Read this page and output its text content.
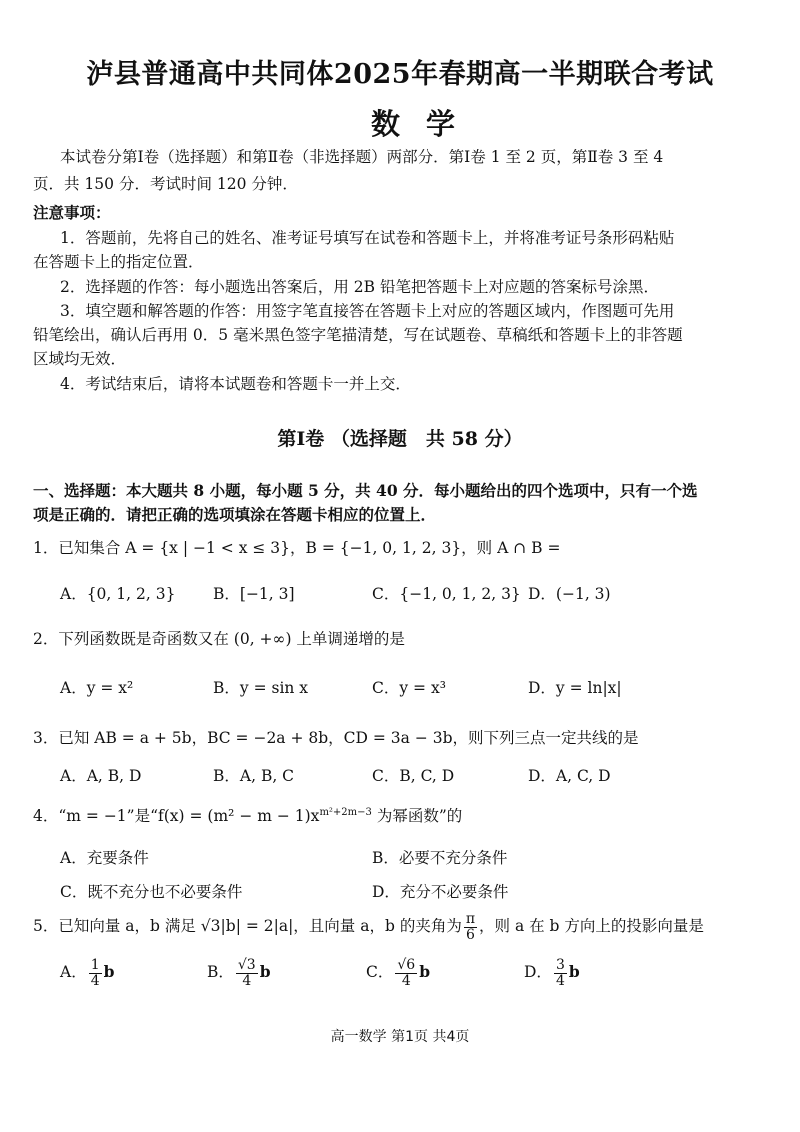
泸县普通高中共同体2025年春期高一半期联合考试
数学
本试卷分第Ⅰ卷（选择题）和第Ⅱ卷（非选择题）两部分．第Ⅰ卷 1 至 2 页，第Ⅱ卷 3 至 4
页．共 150 分．考试时间 120 分钟．
注意事项：
1．答题前，先将自己的姓名、准考证号填写在试卷和答题卡上，并将准考证号条形码粘贴
在答题卡上的指定位置．
2．选择题的作答：每小题选出答案后，用 2B 铅笔把答题卡上对应题的答案标号涂黑．
3．填空题和解答题的作答：用签字笔直接答在答题卡上对应的答题区域内，作图题可先用
铅笔绘出，确认后再用 0．5 毫米黑色签字笔描清楚，写在试题卷、草稿纸和答题卡上的非答题
区域均无效．
4．考试结束后，请将本试题卷和答题卡一并上交．
第Ⅰ卷 （选择题　共 58 分）
一、选择题：本大题共 8 小题，每小题 5 分，共 40 分．每小题给出的四个选项中，只有一个选
项是正确的．请把正确的选项填涂在答题卡相应的位置上．
1．已知集合 A = {x | −1 < x ≤ 3}，B = {−1, 0, 1, 2, 3}，则 A ∩ B =
A．{0, 1, 2, 3} B．[−1, 3]	C．{−1, 0, 1, 2, 3} D．(−1, 3)
2．下列函数既是奇函数又在 (0, +∞) 上单调递增的是
A．y = x²	B．y = sin x	C．y = x³	D．y = ln|x|
3．已知 AB = a + 5b，BC = −2a + 8b，CD = 3a − 3b，则下列三点一定共线的是
A．A, B, D	B．A, B, C	C．B, C, D	D．A, C, D
4．“m = −1”是“$f(x) = (m^2 - m - 1)x^{m^2+2m-3}$ 为幂函数”的
A．充要条件	B．必要不充分条件
C．既不充分也不必要条件	D．充分不必要条件
5．已知向量 a，b 满足 √3|b| = 2|a|，且向量 a，b 的夹角为 $\frac{\pi}{6}$ ，则 a 在 b 方向上的投影向量是
A． $\frac{1}{4}$ b	B． $\frac{√3}{4}$ b	C． $\frac{√6}{4}$ b	D． $\frac{3}{4}$ b
高一数学 第1页 共4页
